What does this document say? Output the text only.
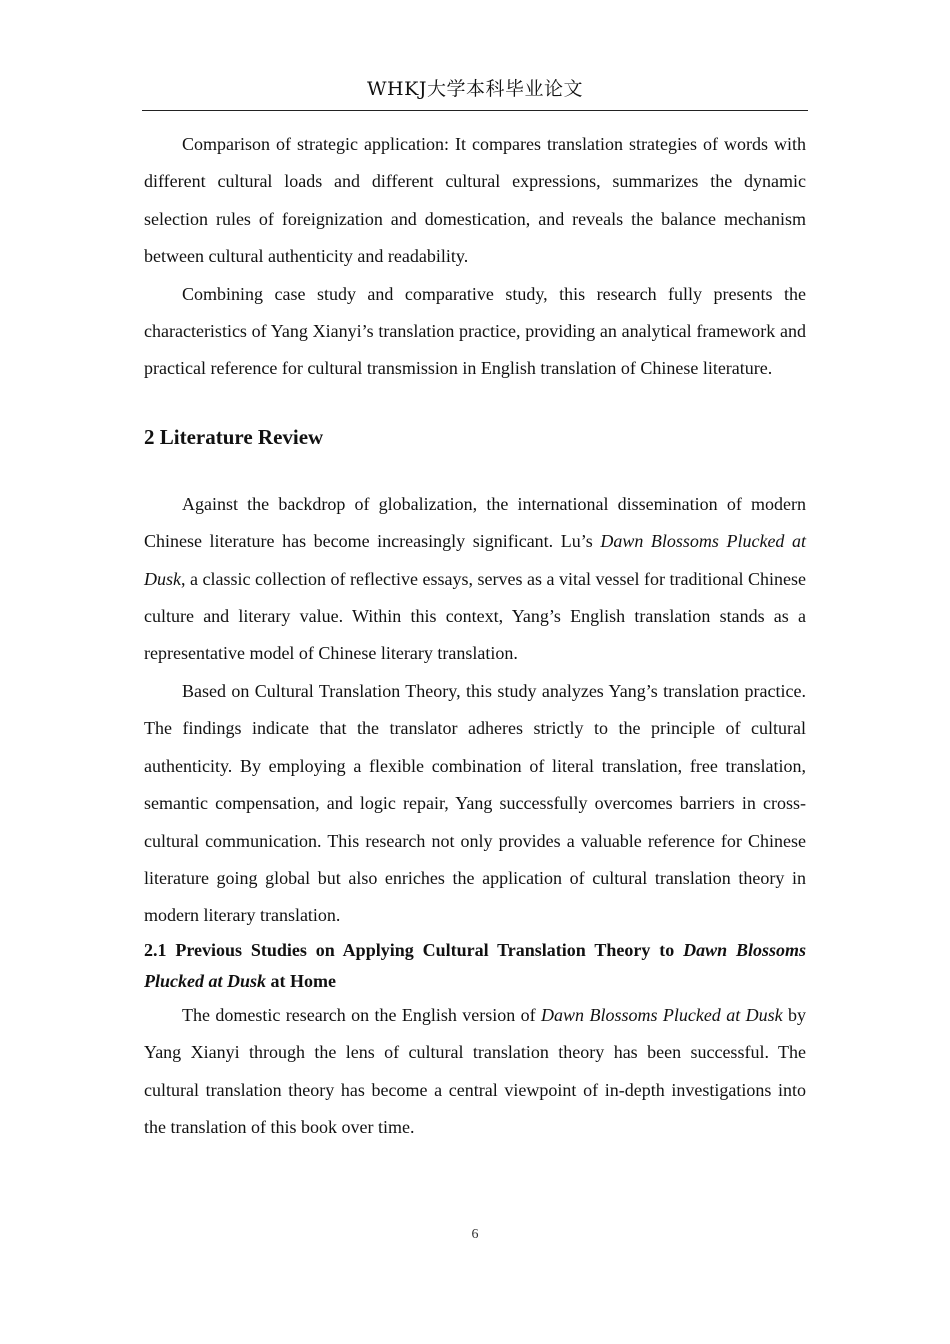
WHKJ大学本科毕业论文

Comparison of strategic application: It compares translation strategies of words with different cultural loads and different cultural expressions, summarizes the dynamic selection rules of foreignization and domestication, and reveals the balance mechanism between cultural authenticity and readability.

Combining case study and comparative study, this research fully presents the characteristics of Yang Xianyi’s translation practice, providing an analytical framework and practical reference for cultural transmission in English translation of Chinese literature.

2 Literature Review

Against the backdrop of globalization, the international dissemination of modern Chinese literature has become increasingly significant. Lu’s Dawn Blossoms Plucked at Dusk, a classic collection of reflective essays, serves as a vital vessel for traditional Chinese culture and literary value. Within this context, Yang’s English translation stands as a representative model of Chinese literary translation.

Based on Cultural Translation Theory, this study analyzes Yang’s translation practice. The findings indicate that the translator adheres strictly to the principle of cultural authenticity. By employing a flexible combination of literal translation, free translation, semantic compensation, and logic repair, Yang successfully overcomes barriers in cross-cultural communication. This research not only provides a valuable reference for Chinese literature going global but also enriches the application of cultural translation theory in modern literary translation.

2.1 Previous Studies on Applying Cultural Translation Theory to Dawn Blossoms Plucked at Dusk at Home

The domestic research on the English version of Dawn Blossoms Plucked at Dusk by Yang Xianyi through the lens of cultural translation theory has been successful. The cultural translation theory has become a central viewpoint of in-depth investigations into the translation of this book over time.

6
